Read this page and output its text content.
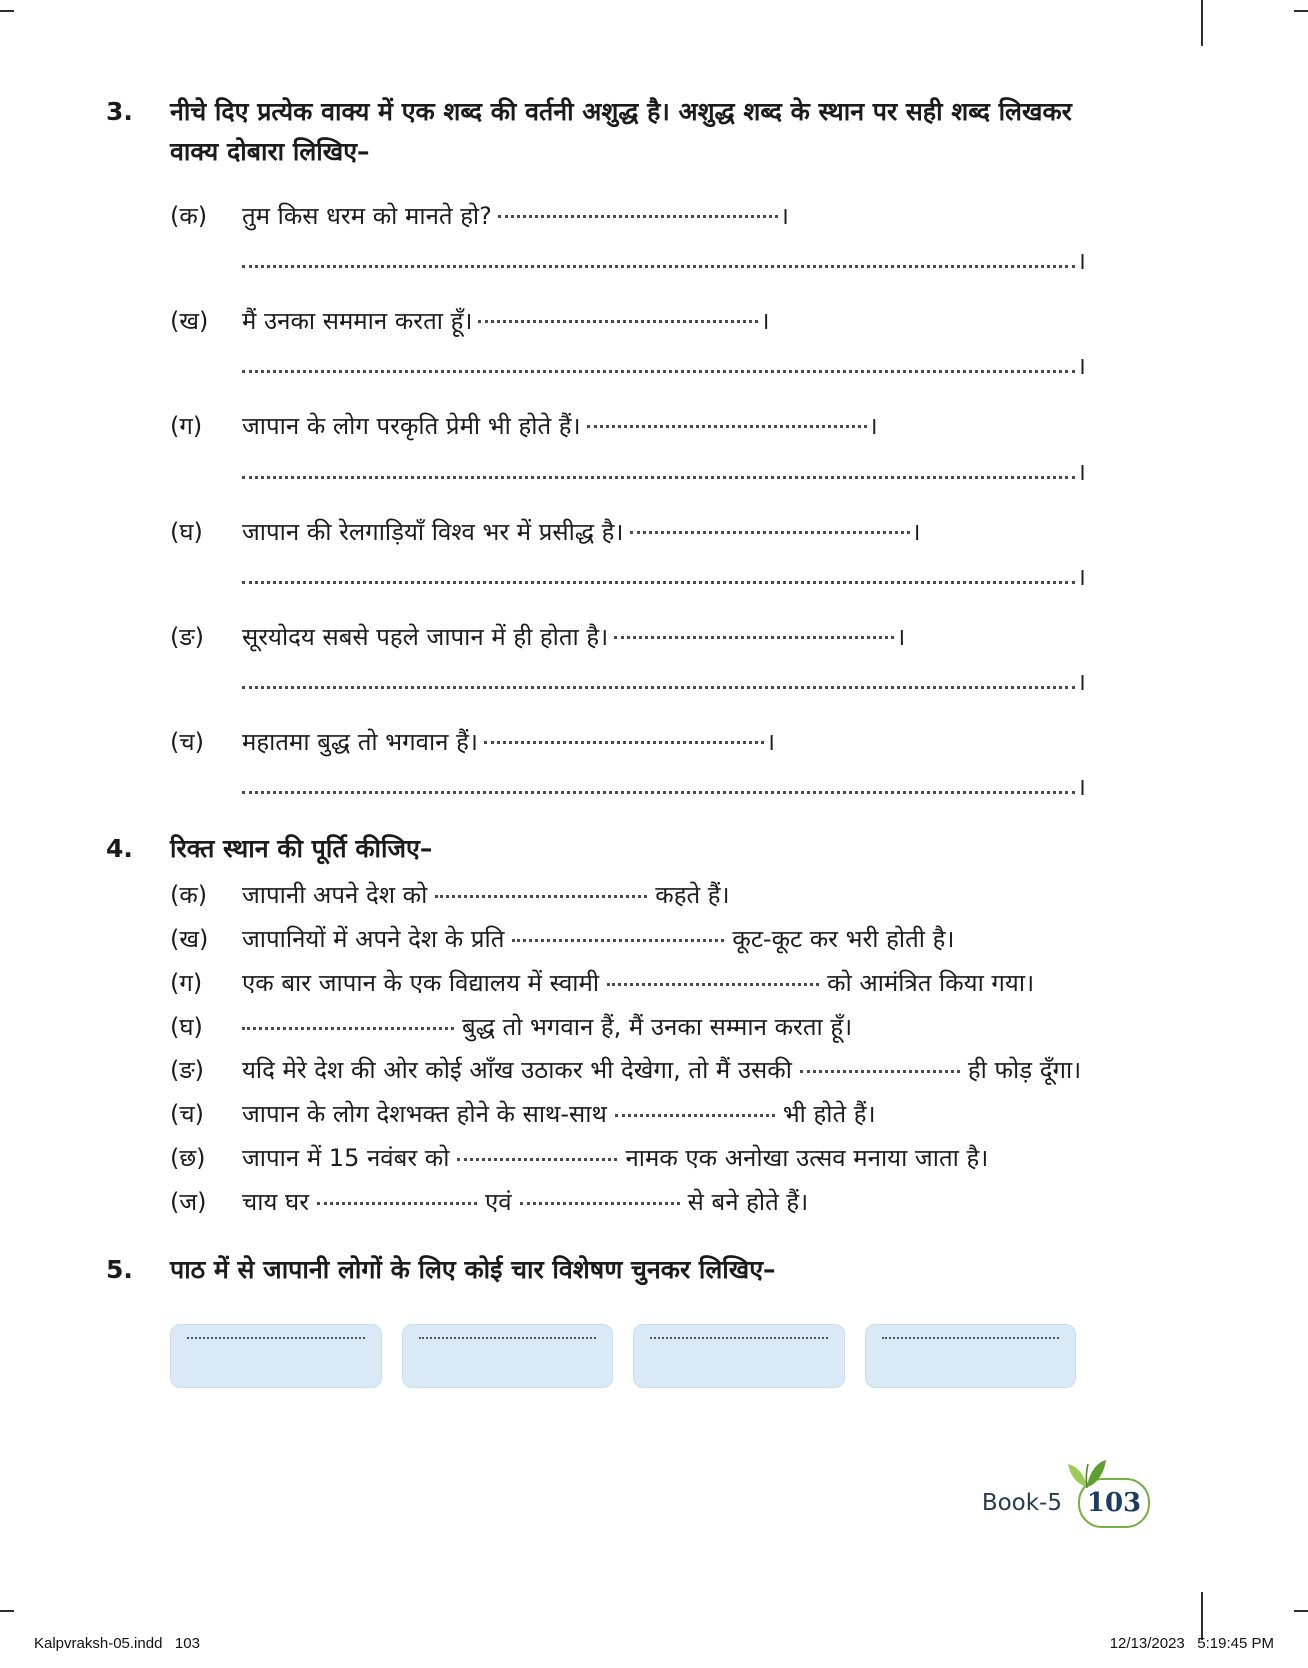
3.	नीचे दिए प्रत्येक वाक्य में एक शब्द की वर्तनी अशुद्ध है। अशुद्ध शब्द के स्थान पर सही शब्द लिखकर वाक्य दोबारा लिखिए–
(क)	तुम किस धरम को मानते हो?	।
।
(ख)	मैं उनका सममान करता हूँ।	।
।
(ग)	जापान के लोग परकृति प्रेमी भी होते हैं।	।
।
(घ)	जापान की रेलगाड़ियाँ विश्व भर में प्रसीद्ध है।	।
।
(ङ)	सूरयोदय सबसे पहले जापान में ही होता है।	।
।
(च)	महातमा बुद्ध तो भगवान हैं।	।
।
4.	रिक्त स्थान की पूर्ति कीजिए–
(क)	जापानी अपने देश को	कहते हैं।
(ख)	जापानियों में अपने देश के प्रति	कूट-कूट कर भरी होती है।
(ग)	एक बार जापान के एक विद्यालय में स्वामी	को आमंत्रित किया गया।
(घ)	बुद्ध तो भगवान हैं, मैं उनका सम्मान करता हूँ।
(ङ)	यदि मेरे देश की ओर कोई आँख उठाकर भी देखेगा, तो मैं उसकी	ही फोड़ दूँगा।
(च)	जापान के लोग देशभक्त होने के साथ-साथ	भी होते हैं।
(छ)	जापान में 15 नवंबर को	नामक एक अनोखा उत्सव मनाया जाता है।
(ज)	चाय घर	एवं	से बने होते हैं।
5.	पाठ में से जापानी लोगों के लिए कोई चार विशेषण चुनकर लिखिए–
Book-5 103
Kalpvraksh-05.indd   103	12/13/2023   5:19:45 PM
